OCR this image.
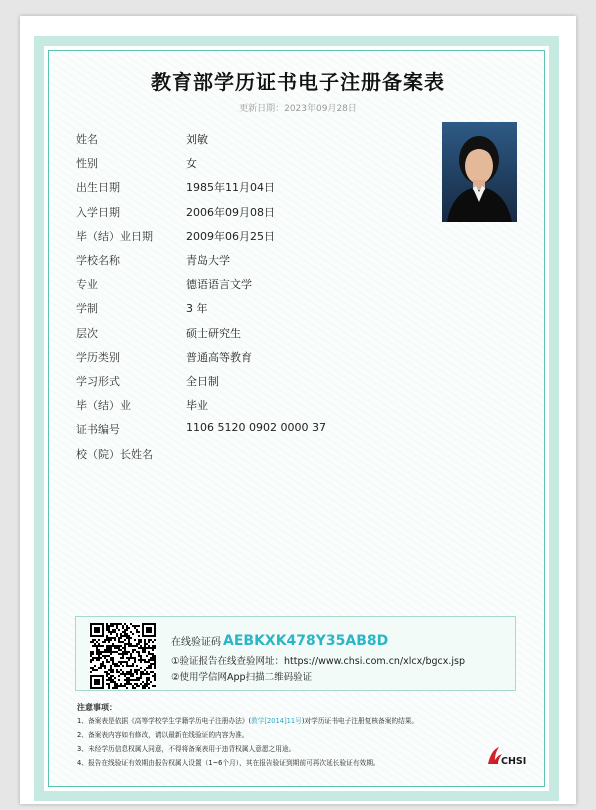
教育部学历证书电子注册备案表
更新日期：2023年09月28日
姓名	刘敏
性别	女
出生日期	1985年11月04日
入学日期	2006年09月08日
毕（结）业日期	2009年06月25日
学校名称	青岛大学
专业	德语语言文学
学制	3 年
层次	硕士研究生
学历类别	普通高等教育
学习形式	全日制
毕（结）业	毕业
证书编号	1106 5120 0902 0000 37
校（院）长姓名
在线验证码 AEBKXK478Y35AB8D
①验证报告在线查验网址：https://www.chsi.com.cn/xlcx/bgcx.jsp
②使用学信网App扫描二维码验证
注意事项：
1、备案表是依据《高等学校学生学籍学历电子注册办法》(教学[2014]11号)对学历证书电子注册复核备案的结果。
2、备案表内容如有修改，请以最新在线验证的内容为准。
3、未经学历信息权属人同意，不得将备案表用于违背权属人意愿之用途。
4、报告在线验证有效期由报告权属人设置（1~6个月），其在报告验证到期前可再次延长验证有效期。	CHSI
